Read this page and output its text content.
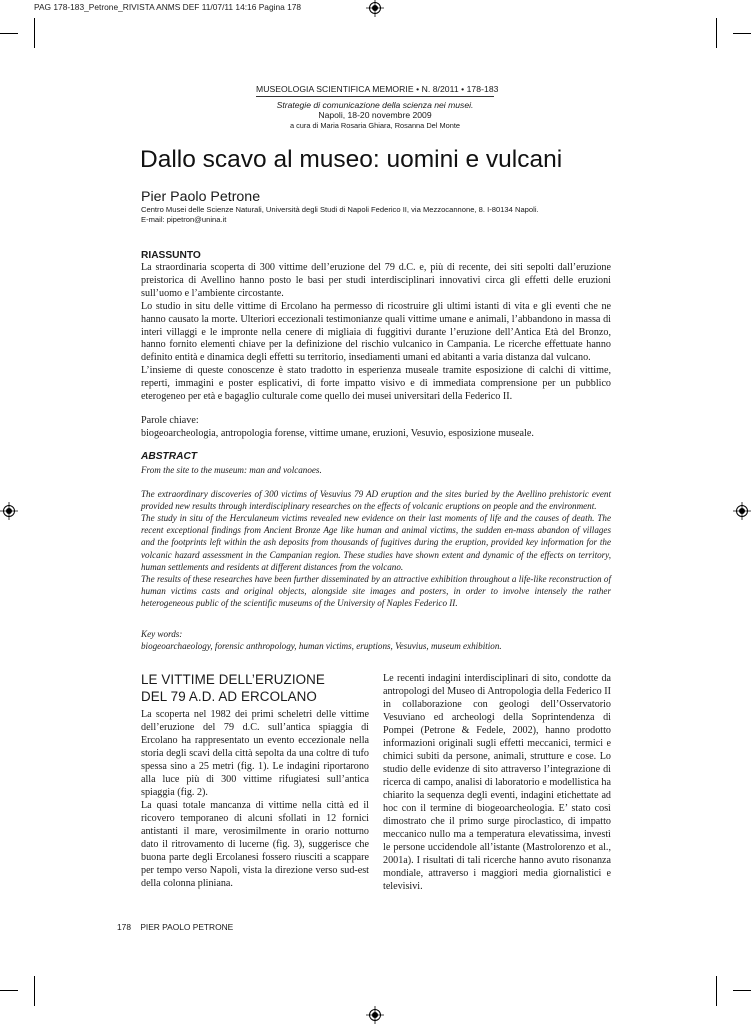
PAG 178-183_Petrone_RIVISTA ANMS DEF 11/07/11 14:16 Pagina 178
MUSEOLOGIA SCIENTIFICA MEMORIE • N. 8/2011 • 178-183
Strategie di comunicazione della scienza nei musei.
Napoli, 18-20 novembre 2009
a cura di Maria Rosaria Ghiara, Rosanna Del Monte
Dallo scavo al museo: uomini e vulcani
Pier Paolo Petrone
Centro Musei delle Scienze Naturali, Università degli Studi di Napoli Federico II, via Mezzocannone, 8. I-80134 Napoli.
E-mail: pipetron@unina.it
RIASSUNTO

La straordinaria scoperta di 300 vittime dell’eruzione del 79 d.C. e, più di recente, dei siti sepolti dall’eruzione preistorica di Avellino hanno posto le basi per studi interdisciplinari innovativi circa gli effetti delle eruzioni sull’uomo e l’ambiente circostante.

Lo studio in situ delle vittime di Ercolano ha permesso di ricostruire gli ultimi istanti di vita e gli eventi che ne hanno causato la morte. Ulteriori eccezionali testimonianze quali vittime umane e animali, l’abbandono in massa di interi villaggi e le impronte nella cenere di migliaia di fuggitivi durante l’eruzione dell’Antica Età del Bronzo, hanno fornito elementi chiave per la definizione del rischio vulcanico in Campania. Le ricerche effettuate hanno definito entità e dinamica degli effetti su territorio, insediamenti umani ed abitanti a varia distanza dal vulcano.

L’insieme di queste conoscenze è stato tradotto in esperienza museale tramite esposizione di calchi di vittime, reperti, immagini e poster esplicativi, di forte impatto visivo e di immediata comprensione per un pubblico eterogeneo per età e bagaglio culturale come quello dei musei universitari della Federico II.

Parole chiave:
biogeoarcheologia, antropologia forense, vittime umane, eruzioni, Vesuvio, esposizione museale.
ABSTRACT

From the site to the museum: man and volcanoes.

The extraordinary discoveries of 300 victims of Vesuvius 79 AD eruption and the sites buried by the Avellino prehistoric event provided new results through interdisciplinary researches on the effects of volcanic eruptions on people and the environment.

The study in situ of the Herculaneum victims revealed new evidence on their last moments of life and the causes of death. The recent exceptional findings from Ancient Bronze Age like human and animal victims, the sudden en-mass abandon of villages and the footprints left within the ash deposits from thousands of fugitives during the eruption, provided key information for the volcanic hazard assessment in the Campanian region. These studies have shown extent and dynamic of the effects on territory, human settlements and residents at different distances from the volcano.

The results of these researches have been further disseminated by an attractive exhibition throughout a life-like reconstruction of human victims casts and original objects, alongside site images and posters, in order to involve intensely the rather heterogeneous public of the scientific museums of the University of Naples Federico II.

Key words:
biogeoarchaeology, forensic anthropology, human victims, eruptions, Vesuvius, museum exhibition.
LE VITTIME DELL’ERUZIONE
DEL 79 A.D. AD ERCOLANO

La scoperta nel 1982 dei primi scheletri delle vittime dell’eruzione del 79 d.C. sull’antica spiaggia di Ercolano ha rappresentato un evento eccezionale nella storia degli scavi della città sepolta da una coltre di tufo spessa sino a 25 metri (fig. 1). Le indagini riportarono alla luce più di 300 vittime rifugiatesi sull’antica spiaggia (fig. 2).

La quasi totale mancanza di vittime nella città ed il ricovero temporaneo di alcuni sfollati in 12 fornici antistanti il mare, verosimilmente in orario notturno dato il ritrovamento di lucerne (fig. 3), suggerisce che buona parte degli Ercolanesi fossero riusciti a scappare per tempo verso Napoli, vista la direzione verso sud-est della colonna pliniana.

Le recenti indagini interdisciplinari di sito, condotte da antropologi del Museo di Antropologia della Federico II in collaborazione con geologi dell’Osservatorio Vesuviano ed archeologi della Soprintendenza di Pompei (Petrone & Fedele, 2002), hanno prodotto informazioni originali sugli effetti meccanici, termici e chimici subiti da persone, animali, strutture e cose. Lo studio delle evidenze di sito attraverso l’integrazione di ricerca di campo, analisi di laboratorio e modellistica ha chiarito la sequenza degli eventi, indagini etichettate ad hoc con il termine di biogeoarcheologia. E’ stato così dimostrato che il primo surge piroclastico, di impatto meccanico nullo ma a temperatura elevatissima, investì le persone uccidendole all’istante (Mastrolorenzo et al., 2001a). I risultati di tali ricerche hanno avuto risonanza mondiale, attraverso i maggiori media giornalistici e televisivi.

178 PIER PAOLO PETRONE
